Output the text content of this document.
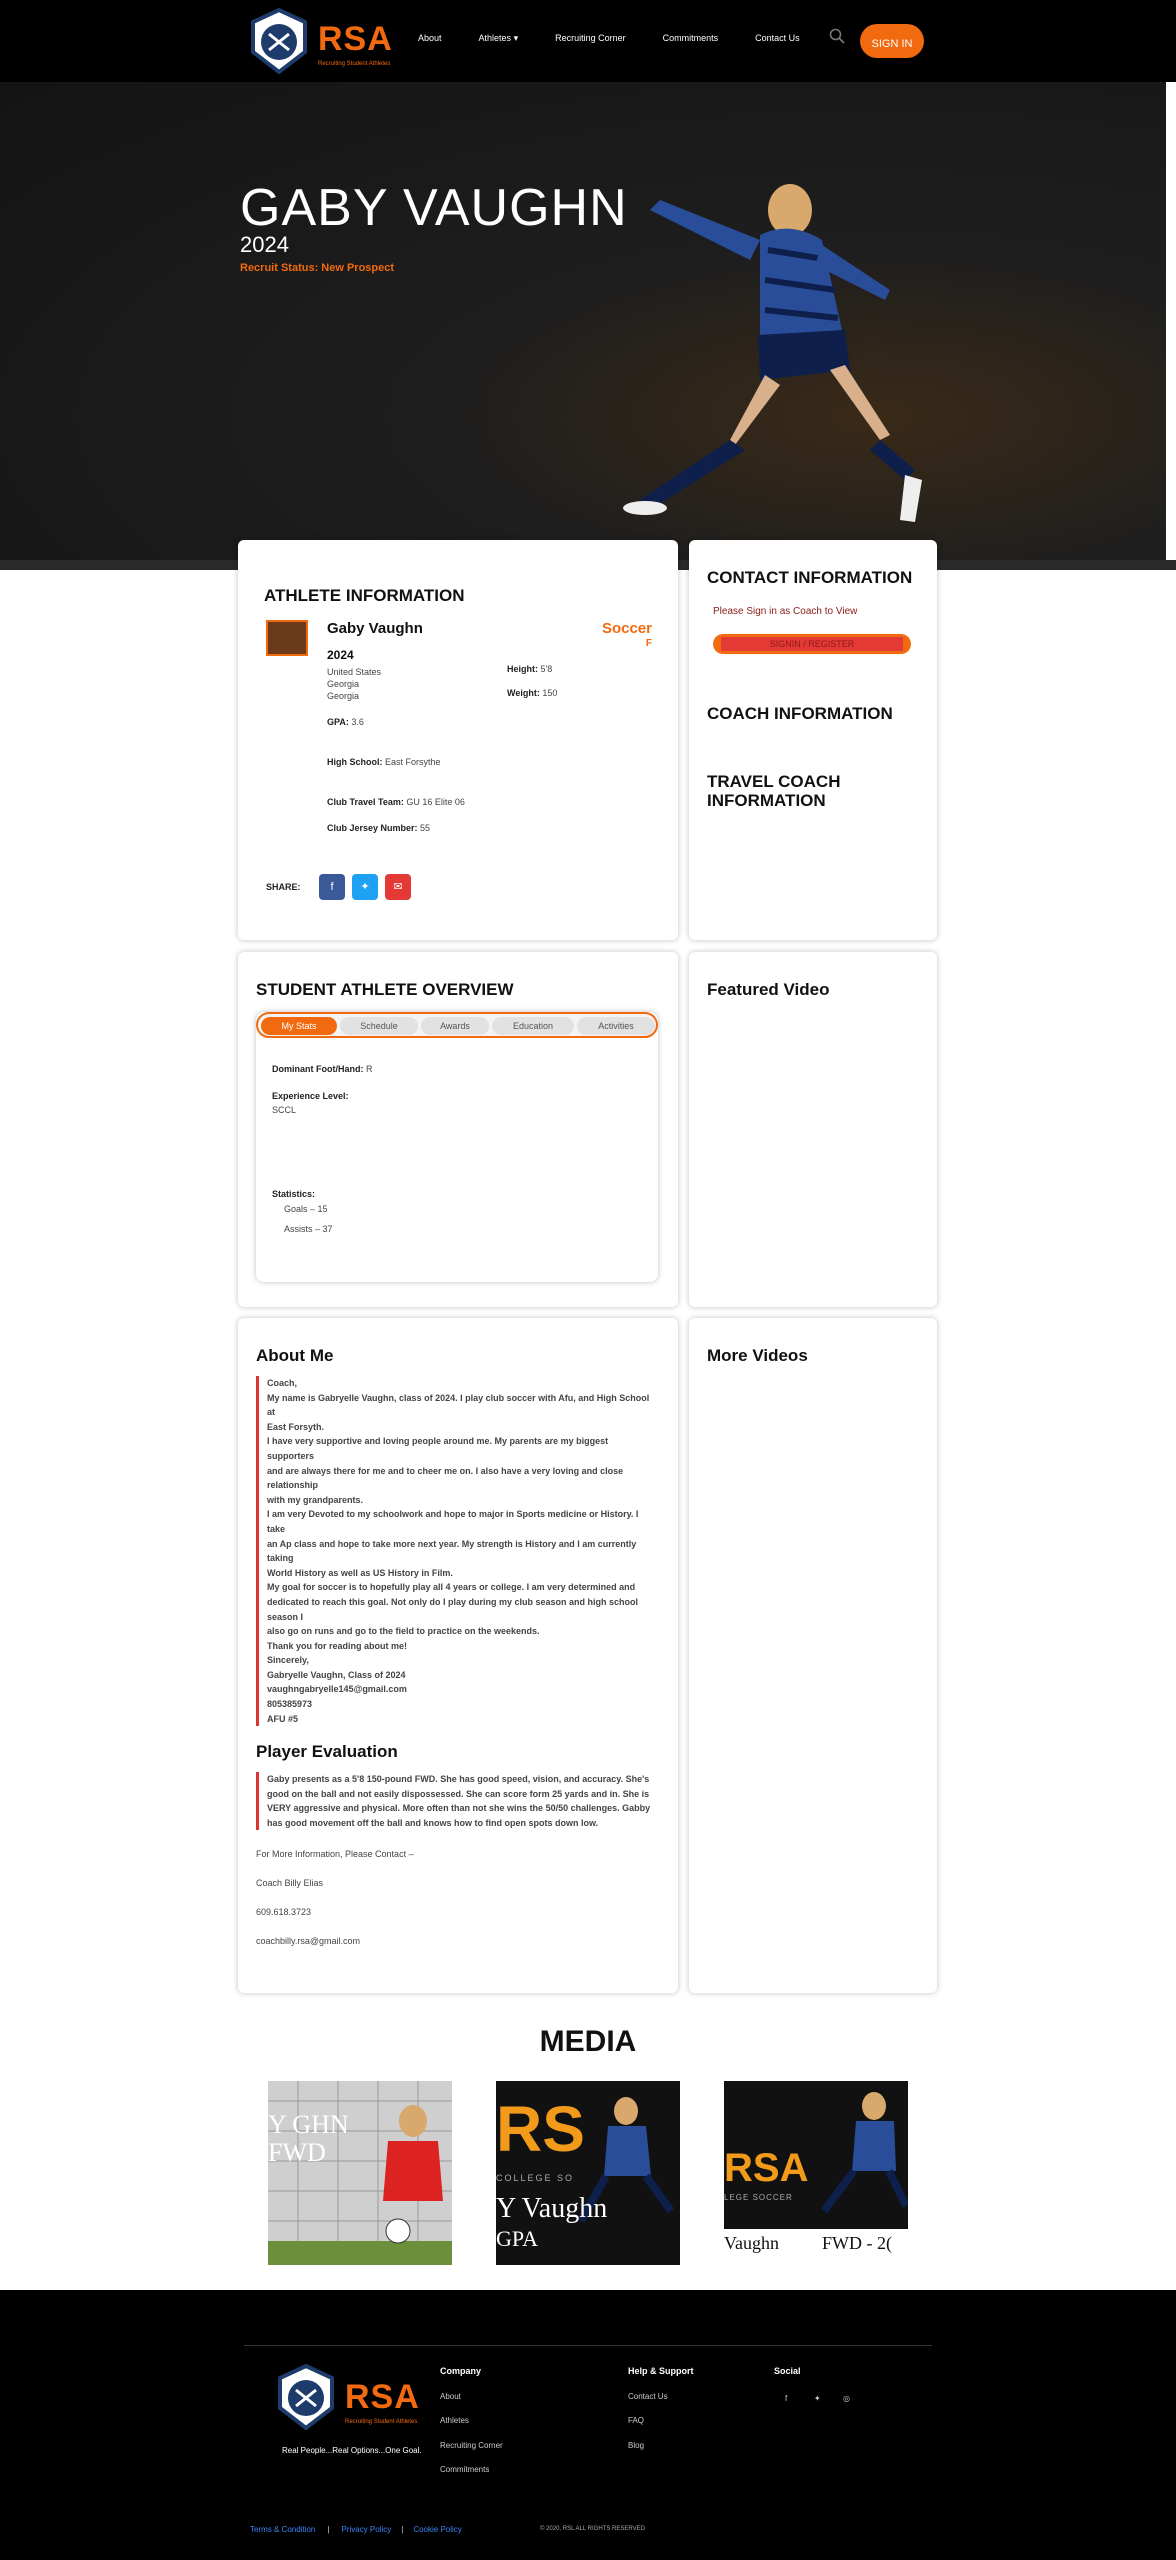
RSA
Recruiting Student Athletes
About	Athletes ▾	Recruiting Corner	Commitments	Contact Us	SIGN IN
GABY VAUGHN
2024
Recruit Status: New Prospect
ATHLETE INFORMATION
Gaby Vaughn	Soccer
F
2024
United States
Georgia
Georgia
Height: 5'8
Weight: 150
GPA: 3.6
High School: East Forsythe
Club Travel Team: GU 16 Elite 06
Club Jersey Number: 55
SHARE:	f	✦	✉
CONTACT INFORMATION
Please Sign in as Coach to View
SIGNIN / REGISTER
COACH INFORMATION
TRAVEL COACH INFORMATION
STUDENT ATHLETE OVERVIEW
My Stats	Schedule	Awards	Education	Activities
Dominant Foot/Hand: R
Experience Level:
SCCL
Statistics:
Goals – 15
Assists – 37
Featured Video
About Me
Coach,
My name is Gabryelle Vaughn, class of 2024. I play club soccer with Afu, and High School at
East Forsyth.
I have very supportive and loving people around me. My parents are my biggest supporters
and are always there for me and to cheer me on. I also have a very loving and close relationship
with my grandparents.
I am very Devoted to my schoolwork and hope to major in Sports medicine or History. I take
an Ap class and hope to take more next year. My strength is History and I am currently taking
World History as well as US History in Film.
My goal for soccer is to hopefully play all 4 years or college. I am very determined and
dedicated to reach this goal. Not only do I play during my club season and high school season I
also go on runs and go to the field to practice on the weekends.
Thank you for reading about me!
Sincerely,
Gabryelle Vaughn, Class of 2024
vaughngabryelle145@gmail.com
805385973
AFU #5
Player Evaluation
Gaby presents as a 5'8 150-pound FWD. She has good speed, vision, and accuracy. She's
good on the ball and not easily dispossessed. She can score form 25 yards and in. She is
VERY aggressive and physical. More often than not she wins the 50/50 challenges. Gabby
has good movement off the ball and knows how to find open spots down low.
For More Information, Please Contact –
Coach Billy Elias
609.618.3723
coachbilly.rsa@gmail.com
More Videos
MEDIA
Y GHN FWD	RS
COLLEGE SO
Y Vaughn
GPA
RSA
LEGE SOCCER
Vaughn FWD - 2(
RSA
Recruiting Student Athletes
Real People...Real Options...One Goal.
Company
About
Athletes
Recruiting Corner
Commitments
Help & Support
Contact Us
FAQ
Blog
Social
f	✦	◎
Terms & Condition | Privacy Policy | Cookie Policy	© 2020, RSL ALL RIGHTS RESERVED
